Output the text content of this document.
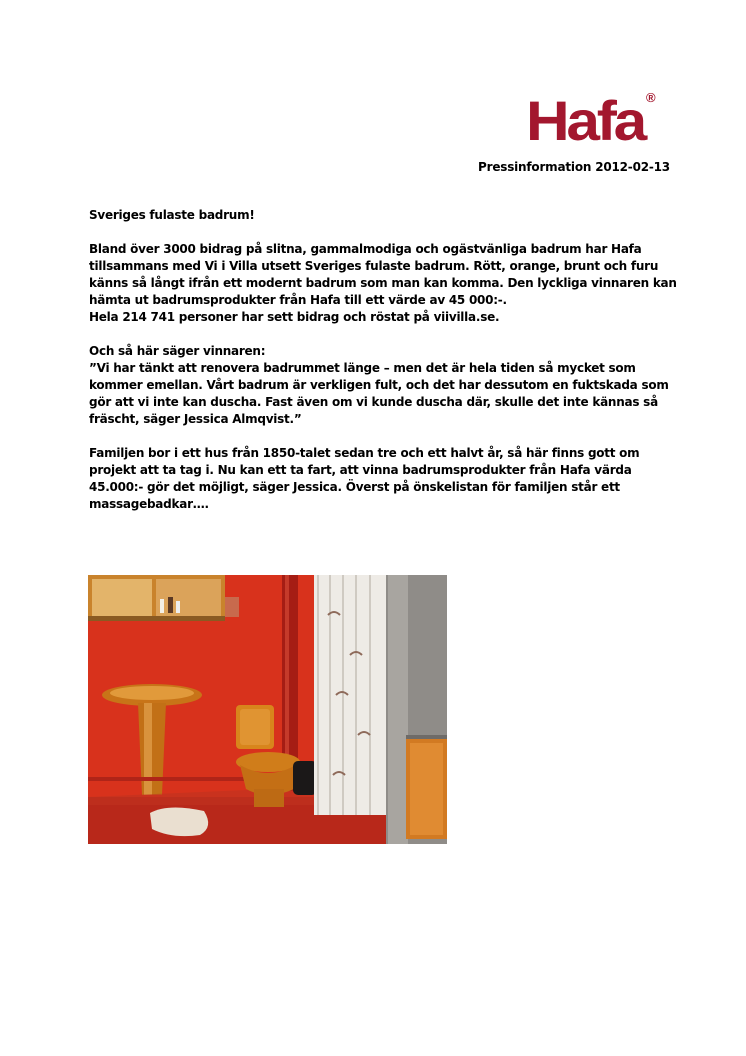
Hafa
®
Pressinformation 2012-02-13

Sveriges fulaste badrum!

Bland över 3000 bidrag på slitna, gammalmodiga och ogästvänliga badrum har Hafa
tillsammans med Vi i Villa utsett Sveriges fulaste badrum. Rött, orange, brunt och furu
känns så långt ifrån ett modernt badrum som man kan komma. Den lyckliga vinnaren kan
hämta ut badrumsprodukter från Hafa till ett värde av 45 000:-.
Hela 214 741 personer har sett bidrag och röstat på viivilla.se.

Och så här säger vinnaren:
”Vi har tänkt att renovera badrummet länge – men det är hela tiden så mycket som
kommer emellan. Vårt badrum är verkligen fult, och det har dessutom en fuktskada som
gör att vi inte kan duscha. Fast även om vi kunde duscha där, skulle det inte kännas så
fräscht, säger Jessica Almqvist.”

Familjen bor i ett hus från 1850-talet sedan tre och ett halvt år, så här finns gott om
projekt att ta tag i. Nu kan ett ta fart, att vinna badrumsprodukter från Hafa värda
45.000:- gör det möjligt, säger Jessica. Överst på önskelistan för familjen står ett
massagebadkar….
